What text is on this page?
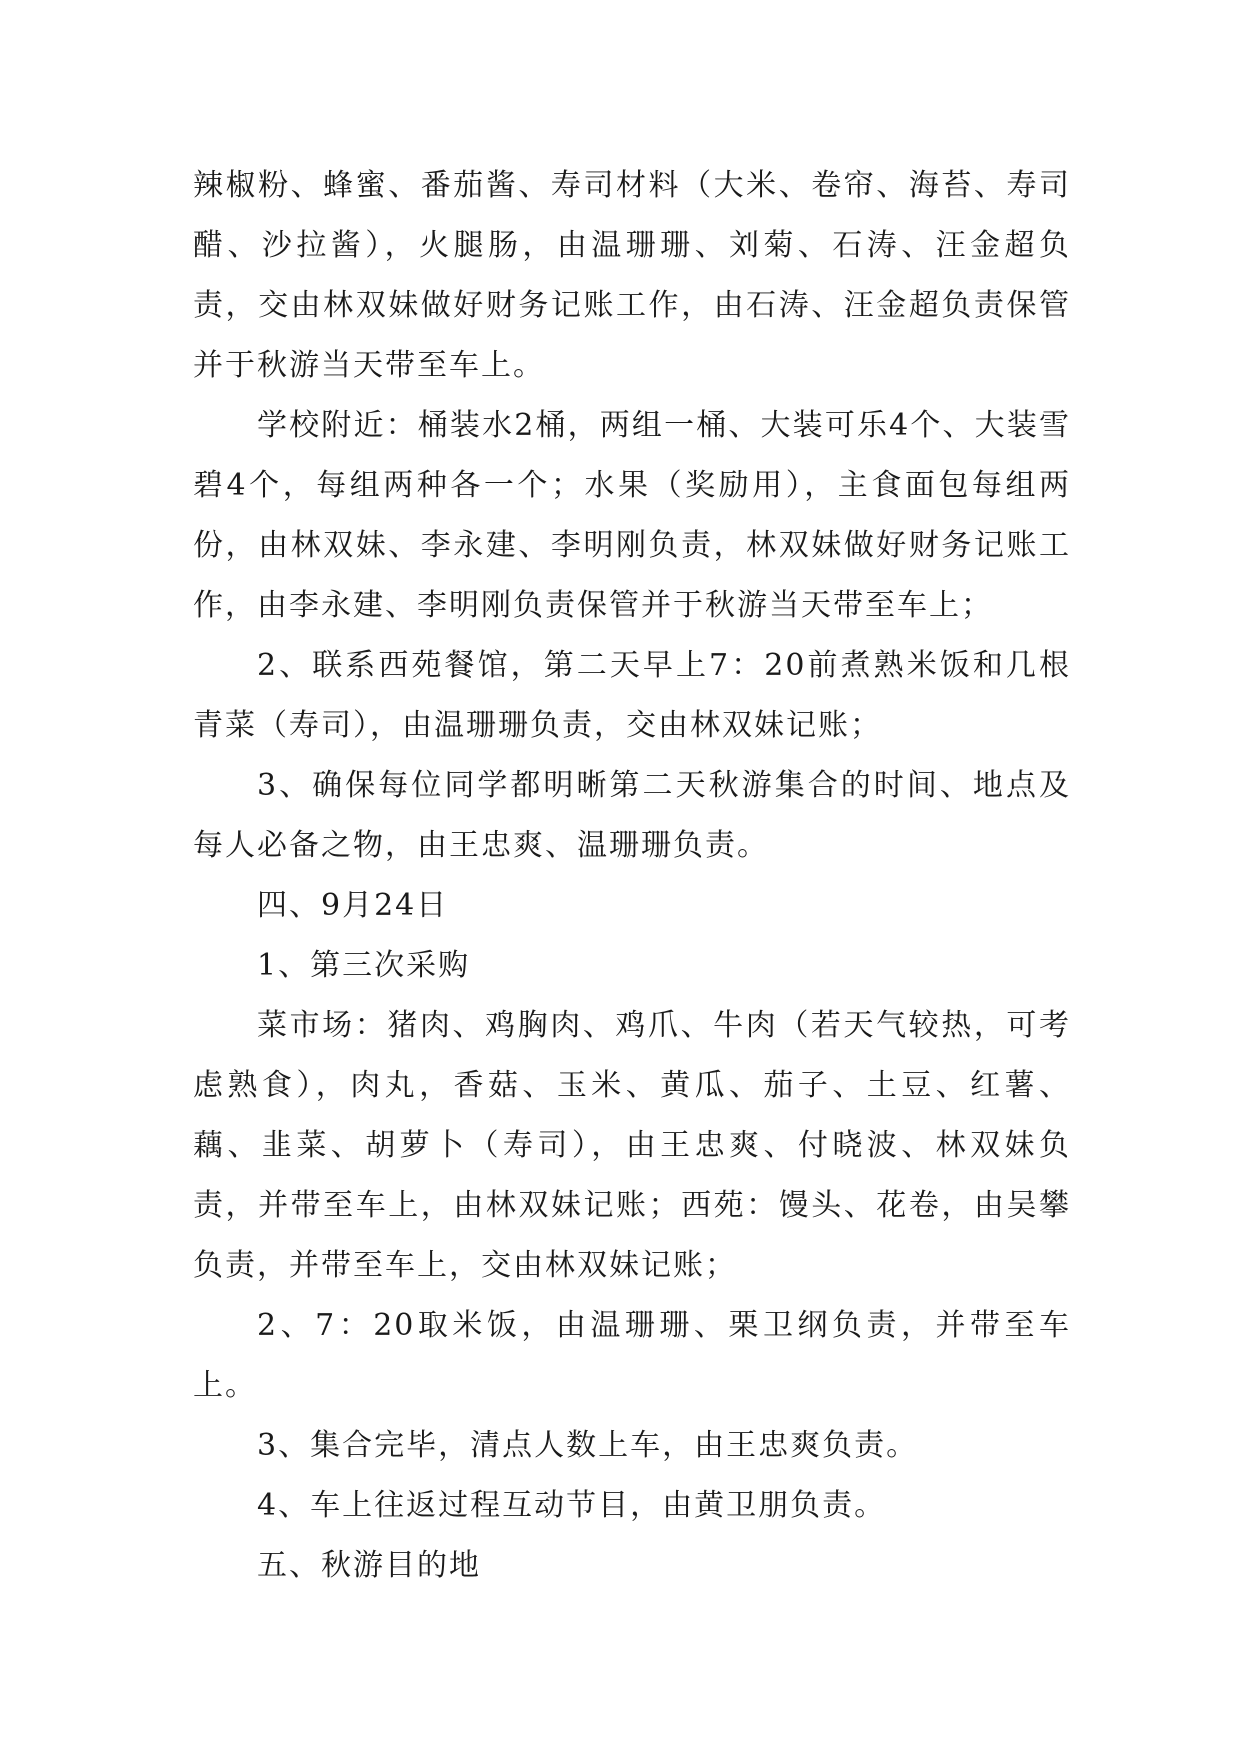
辣椒粉、蜂蜜、番茄酱、寿司材料（大米、卷帘、海苔、寿司醋、沙拉酱），火腿肠，由温珊珊、刘菊、石涛、汪金超负责，交由林双妹做好财务记账工作，由石涛、汪金超负责保管并于秋游当天带至车上。

学校附近：桶装水2桶，两组一桶、大装可乐4个、大装雪碧4个，每组两种各一个；水果（奖励用），主食面包每组两份，由林双妹、李永建、李明刚负责，林双妹做好财务记账工作，由李永建、李明刚负责保管并于秋游当天带至车上；

2、联系西苑餐馆，第二天早上7：20前煮熟米饭和几根青菜（寿司），由温珊珊负责，交由林双妹记账；

3、确保每位同学都明晰第二天秋游集合的时间、地点及每人必备之物，由王忠爽、温珊珊负责。

四、9月24日

1、第三次采购

菜市场：猪肉、鸡胸肉、鸡爪、牛肉（若天气较热，可考虑熟食），肉丸，香菇、玉米、黄瓜、茄子、土豆、红薯、藕、韭菜、胡萝卜（寿司），由王忠爽、付晓波、林双妹负责，并带至车上，由林双妹记账；西苑：馒头、花卷，由吴攀负责，并带至车上，交由林双妹记账；

2、7：20取米饭，由温珊珊、栗卫纲负责，并带至车上。

3、集合完毕，清点人数上车，由王忠爽负责。

4、车上往返过程互动节目，由黄卫朋负责。

五、秋游目的地
